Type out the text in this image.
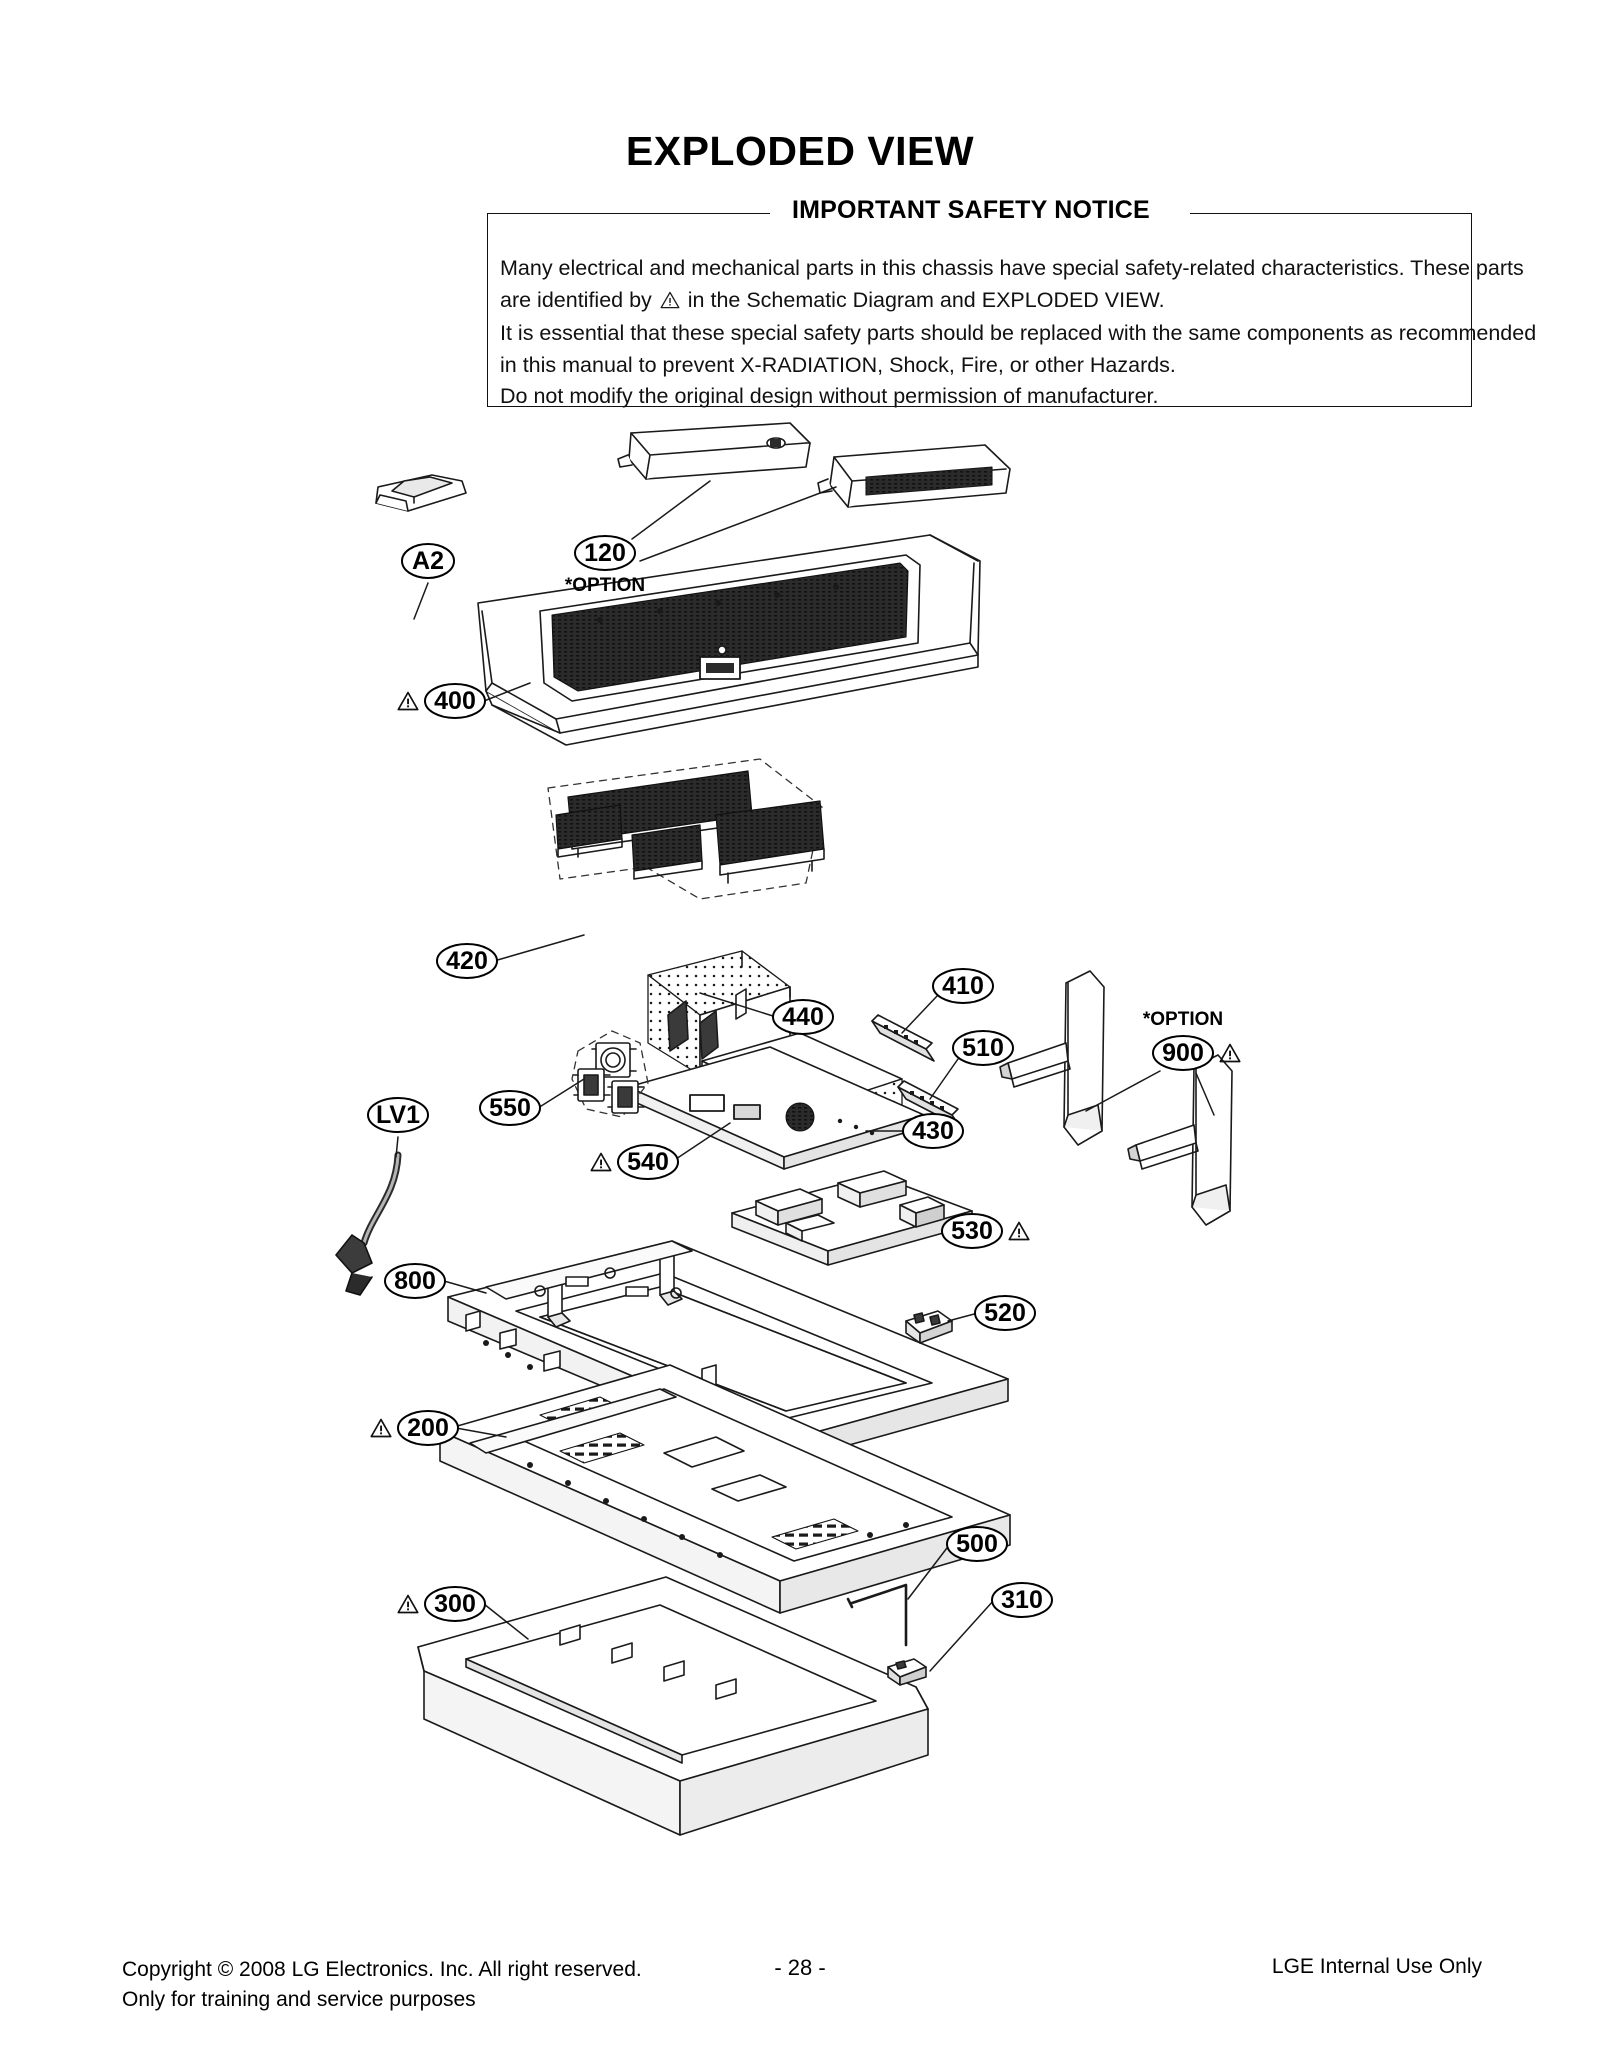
EXPLODED VIEW
IMPORTANT SAFETY NOTICE

Many electrical and mechanical parts in this chassis have special safety-related characteristics. These parts

are identified by in the Schematic Diagram and EXPLODED VIEW.

It is essential that these special safety parts should be replaced with the same components as recommended

in this manual to prevent X-RADIATION, Shock, Fire, or other Hazards.

Do not modify the original design without permission of manufacturer.

A2
*OPTION
120
400
420
440
410
510
*OPTION
900
550
LV1
430
540
530
800
520
200
500
310
300
Copyright © 2008 LG Electronics. Inc. All right reserved.
Only for training and service purposes
- 28 -	LGE Internal Use Only
